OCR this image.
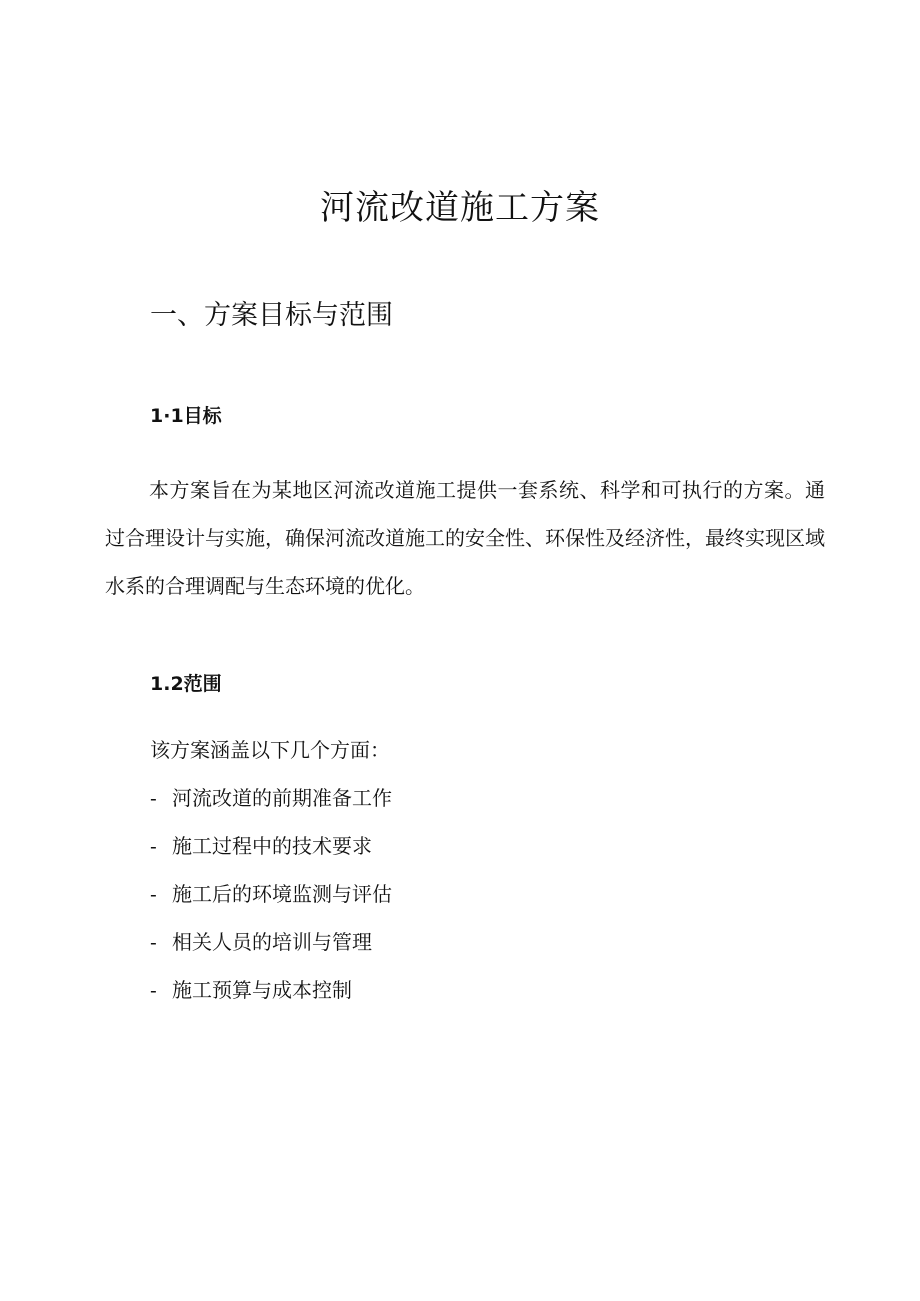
河流改道施工方案
一、方案目标与范围
1·1目标

本方案旨在为某地区河流改道施工提供一套系统、科学和可执行的方案。通过合理设计与实施，确保河流改道施工的安全性、环保性及经济性，最终实现区域水系的合理调配与生态环境的优化。

1.2范围

该方案涵盖以下几个方面：

- 河流改道的前期准备工作
- 施工过程中的技术要求
- 施工后的环境监测与评估
- 相关人员的培训与管理
- 施工预算与成本控制
